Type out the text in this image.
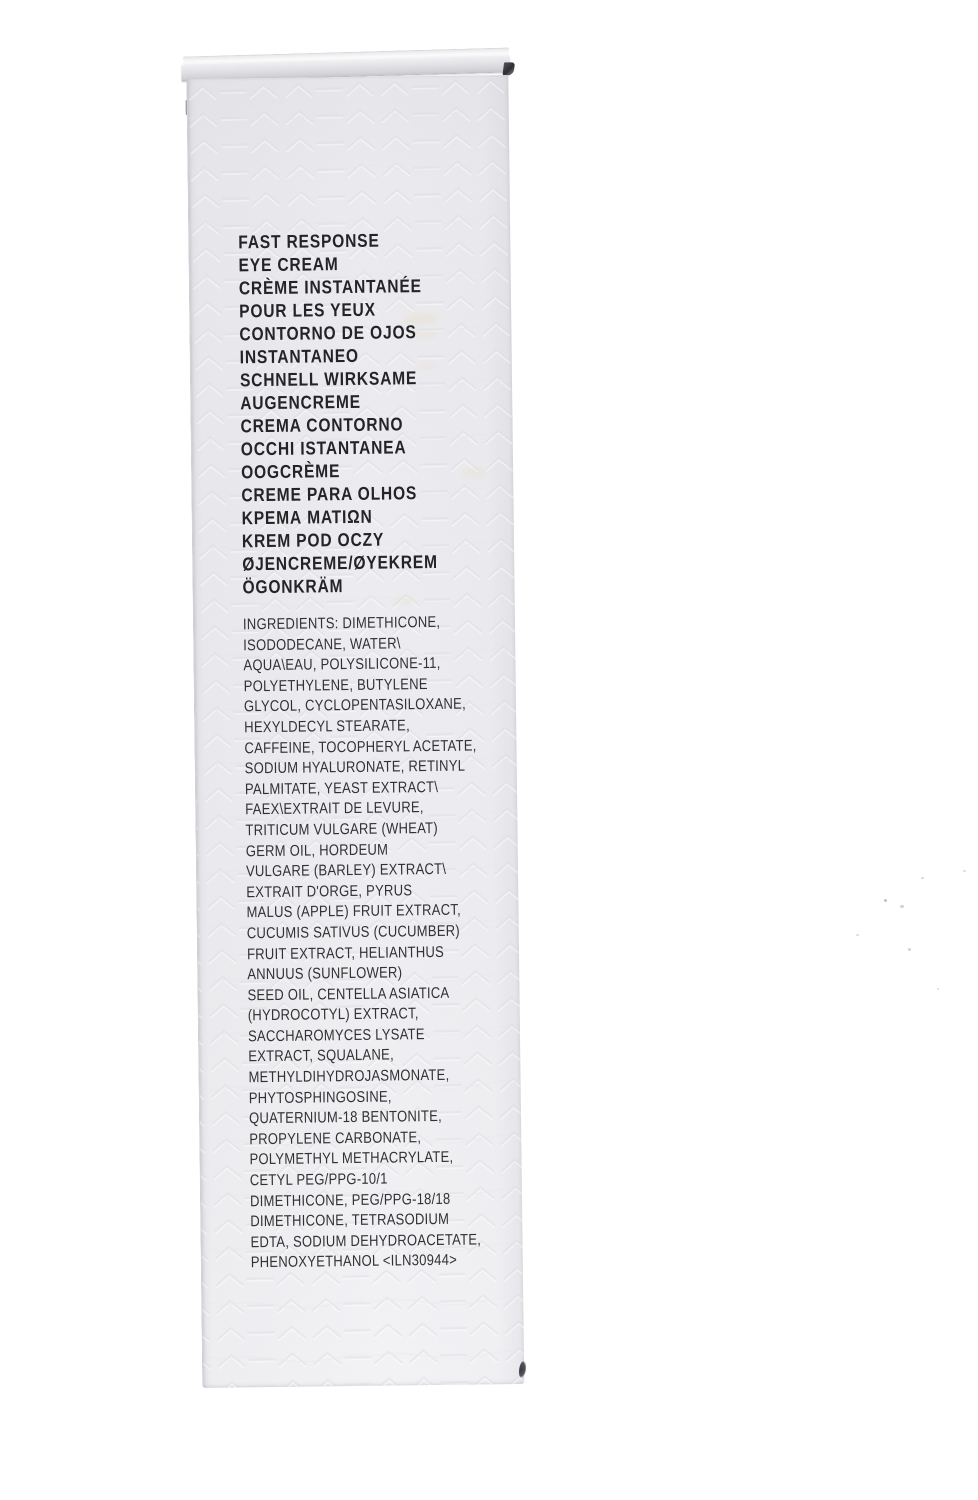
FAST RESPONSE
EYE CREAM
CRÈME INSTANTANÉE
POUR LES YEUX
CONTORNO DE OJOS
INSTANTANEO
SCHNELL WIRKSAME
AUGENCREME
CREMA CONTORNO
OCCHI ISTANTANEA
OOGCRÈME
CREME PARA OLHOS
ΚΡΕΜΑ ΜΑΤΙΩΝ
KREM POD OCZY
ØJENCREME/ØYEKREM
ÖGONKRÄM
INGREDIENTS: DIMETHICONE,
ISODODECANE, WATER\
AQUA\EAU, POLYSILICONE-11,
POLYETHYLENE, BUTYLENE
GLYCOL, CYCLOPENTASILOXANE,
HEXYLDECYL STEARATE,
CAFFEINE, TOCOPHERYL ACETATE,
SODIUM HYALURONATE, RETINYL
PALMITATE, YEAST EXTRACT\
FAEX\EXTRAIT DE LEVURE,
TRITICUM VULGARE (WHEAT)
GERM OIL, HORDEUM
VULGARE (BARLEY) EXTRACT\
EXTRAIT D'ORGE, PYRUS
MALUS (APPLE) FRUIT EXTRACT,
CUCUMIS SATIVUS (CUCUMBER)
FRUIT EXTRACT, HELIANTHUS
ANNUUS (SUNFLOWER)
SEED OIL, CENTELLA ASIATICA
(HYDROCOTYL) EXTRACT,
SACCHAROMYCES LYSATE
EXTRACT, SQUALANE,
METHYLDIHYDROJASMONATE,
PHYTOSPHINGOSINE,
QUATERNIUM-18 BENTONITE,
PROPYLENE CARBONATE,
POLYMETHYL METHACRYLATE,
CETYL PEG/PPG-10/1
DIMETHICONE, PEG/PPG-18/18
DIMETHICONE, TETRASODIUM
EDTA, SODIUM DEHYDROACETATE,
PHENOXYETHANOL <ILN30944>
